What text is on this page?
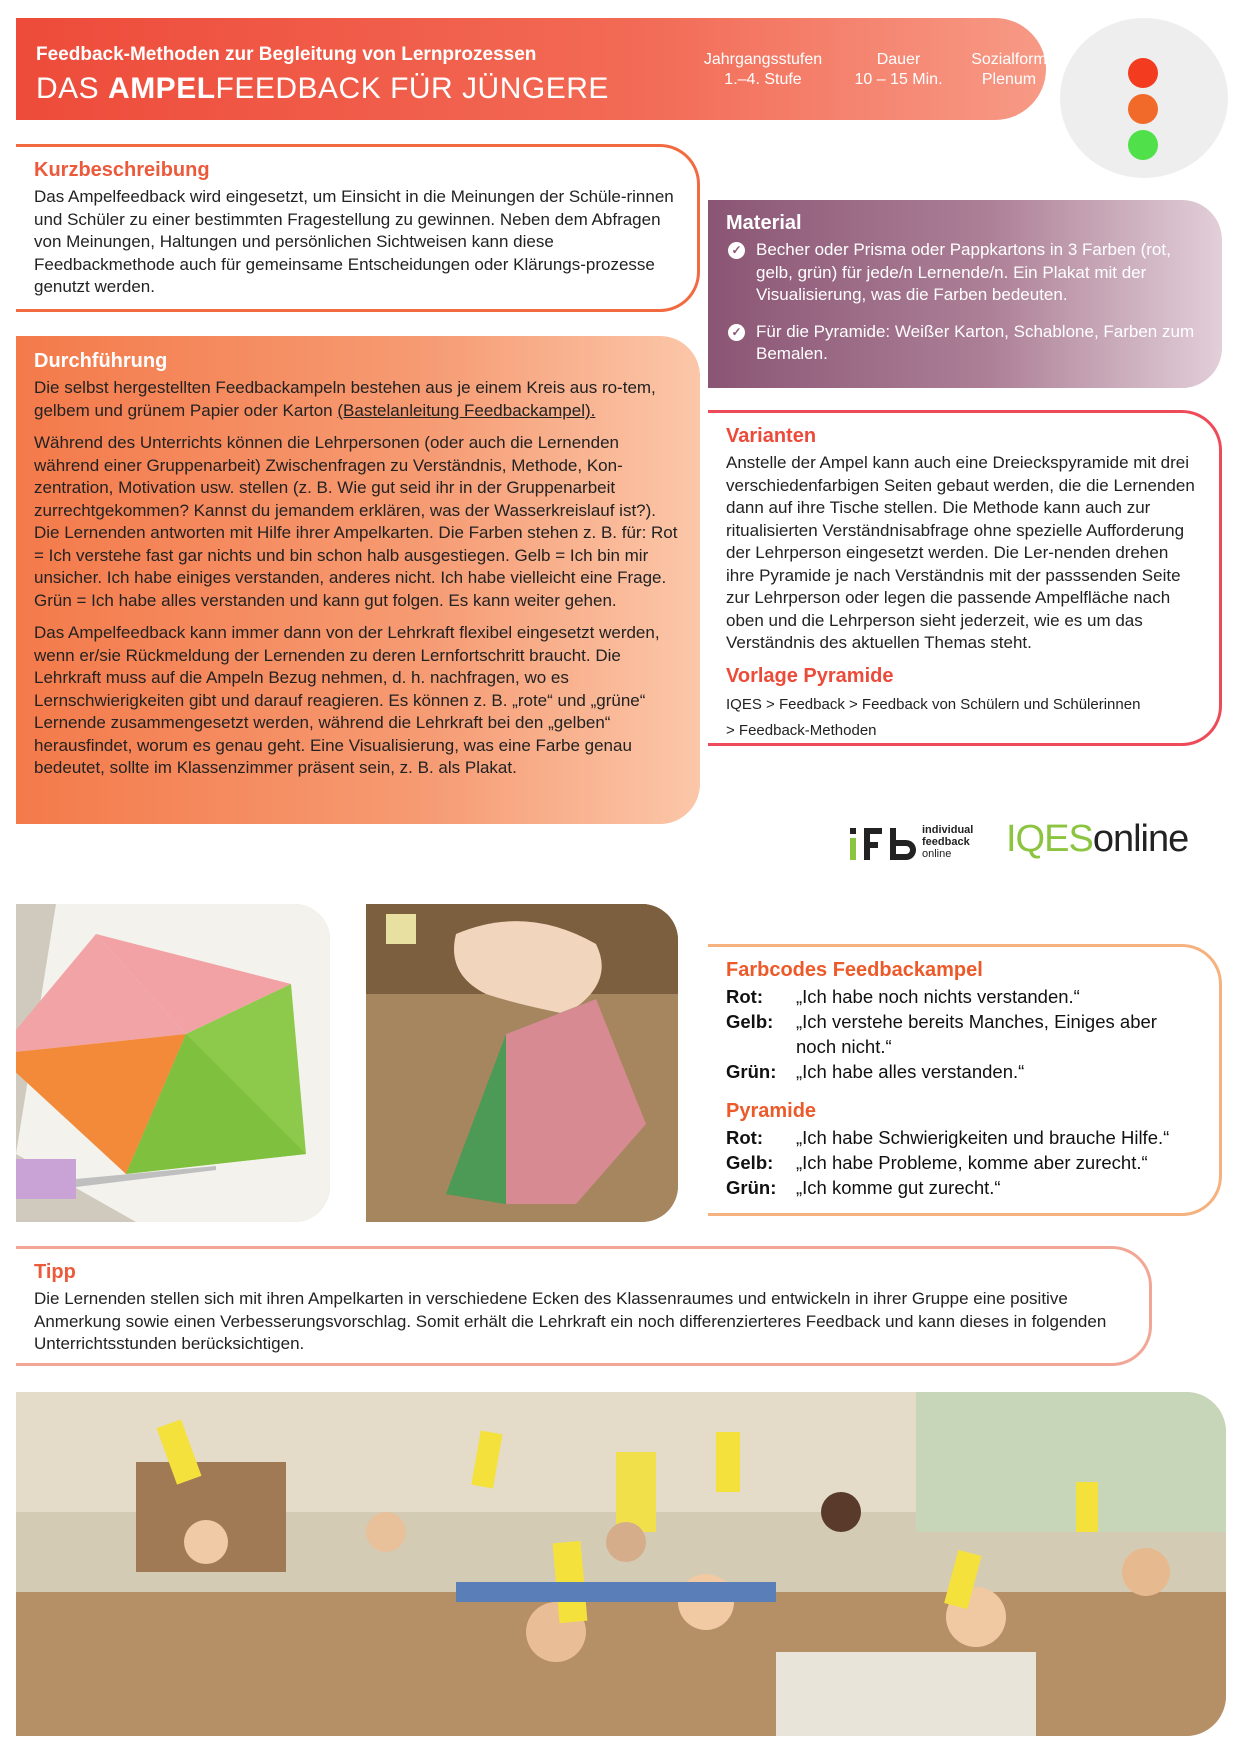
Feedback-Methoden zur Begleitung von Lernprozessen
DAS AMPELFEEDBACK FÜR JÜNGERE
Jahrgangsstufen
1.–4. Stufe
Dauer
10 – 15 Min.
Sozialform
Plenum
Kurzbeschreibung

Das Ampelfeedback wird eingesetzt, um Einsicht in die Meinungen der Schüle-rinnen und Schüler zu einer bestimmten Fragestellung zu gewinnen. Neben dem Abfragen von Meinungen, Haltungen und persönlichen Sichtweisen kann diese Feedbackmethode auch für gemeinsame Entscheidungen oder Klärungs-prozesse genutzt werden.

Durchführung

Die selbst hergestellten Feedbackampeln bestehen aus je einem Kreis aus ro-tem, gelbem und grünem Papier oder Karton (Bastelanleitung Feedbackampel).

Während des Unterrichts können die Lehrpersonen (oder auch die Lernenden während einer Gruppenarbeit) Zwischenfragen zu Verständnis, Methode, Kon-zentration, Motivation usw. stellen (z. B. Wie gut seid ihr in der Gruppenarbeit zurrechtgekommen? Kannst du jemandem erklären, was der Wasserkreislauf ist?). Die Lernenden antworten mit Hilfe ihrer Ampelkarten. Die Farben stehen z. B. für: Rot = Ich verstehe fast gar nichts und bin schon halb ausgestiegen. Gelb = Ich bin mir unsicher. Ich habe einiges verstanden, anderes nicht. Ich habe vielleicht eine Frage. Grün = Ich habe alles verstanden und kann gut folgen. Es kann weiter gehen.

Das Ampelfeedback kann immer dann von der Lehrkraft flexibel eingesetzt werden, wenn er/sie Rückmeldung der Lernenden zu deren Lernfortschritt braucht. Die Lehrkraft muss auf die Ampeln Bezug nehmen, d. h. nachfragen, wo es Lernschwierigkeiten gibt und darauf reagieren. Es können z. B. „rote“ und „grüne“ Lernende zusammengesetzt werden, während die Lehrkraft bei den „gelben“ herausfindet, worum es genau geht. Eine Visualisierung, was eine Farbe genau bedeutet, sollte im Klassenzimmer präsent sein, z. B. als Plakat.

Material
✓ Becher oder Prisma oder Pappkartons in 3 Farben (rot, gelb, grün) für jede/n Lernende/n. Ein Plakat mit der Visualisierung, was die Farben bedeuten.
✓ Für die Pyramide: Weißer Karton, Schablone, Farben zum Bemalen.
Varianten

Anstelle der Ampel kann auch eine Dreieckspyramide mit drei verschiedenfarbigen Seiten gebaut werden, die die Lernenden dann auf ihre Tische stellen. Die Methode kann auch zur ritualisierten Verständnisabfrage ohne spezielle Aufforderung der Lehrperson eingesetzt werden. Die Ler-nenden drehen ihre Pyramide je nach Verständnis mit der passsenden Seite zur Lehrperson oder legen die passende Ampelfläche nach oben und die Lehrperson sieht jederzeit, wie es um das Verständnis des aktuellen Themas steht.

Vorlage Pyramide
IQES > Feedback > Feedback von Schülern und Schülerinnen
> Feedback-Methoden
individual
feedback
online	IQESonline
Farbcodes Feedbackampel
Rot:	„Ich habe noch nichts verstanden.“
Gelb:	„Ich verstehe bereits Manches, Einiges aber noch nicht.“
Grün:	„Ich habe alles verstanden.“
Pyramide
Rot:	„Ich habe Schwierigkeiten und brauche Hilfe.“
Gelb:	„Ich habe Probleme, komme aber zurecht.“
Grün:	„Ich komme gut zurecht.“
Tipp

Die Lernenden stellen sich mit ihren Ampelkarten in verschiedene Ecken des Klassenraumes und entwickeln in ihrer Gruppe eine positive Anmerkung sowie einen Verbesserungsvorschlag. Somit erhält die Lehrkraft ein noch differenzierteres Feedback und kann dieses in folgenden Unterrichtsstunden berücksichtigen.
